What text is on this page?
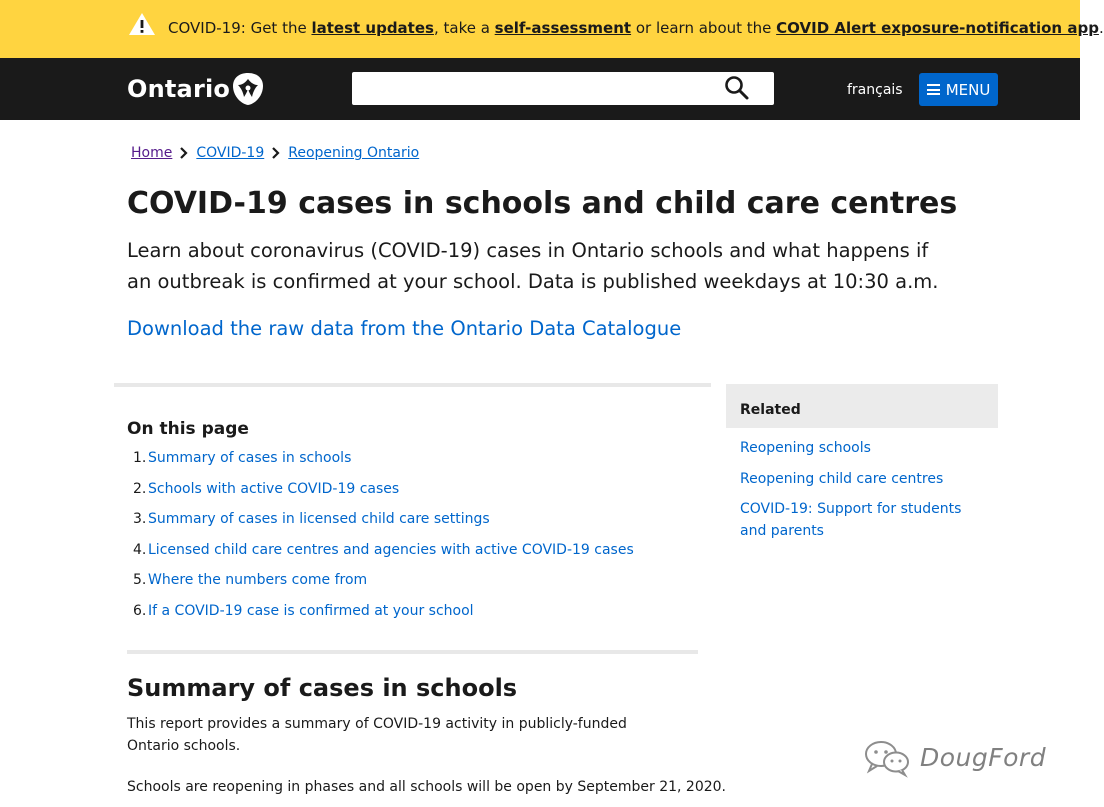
COVID-19: Get the latest updates, take a self-assessment or learn about the COVID Alert exposure-notification app.
Ontario	français	MENU
Home COVID-19 Reopening Ontario
COVID-19 cases in schools and child care centres

Learn about coronavirus (COVID-19) cases in Ontario schools and what happens if an outbreak is confirmed at your school. Data is published weekdays at 10:30 a.m.

Download the raw data from the Ontario Data Catalogue
On this page
1. Summary of cases in schools
2. Schools with active COVID-19 cases
3. Summary of cases in licensed child care settings
4. Licensed child care centres and agencies with active COVID-19 cases
5. Where the numbers come from
6. If a COVID-19 case is confirmed at your school
Related
Reopening schools
Reopening child care centres
COVID-19: Support for students and parents
Summary of cases in schools

This report provides a summary of COVID-19 activity in publicly-funded Ontario schools.

Schools are reopening in phases and all schools will be open by September 21, 2020.

DougFord
